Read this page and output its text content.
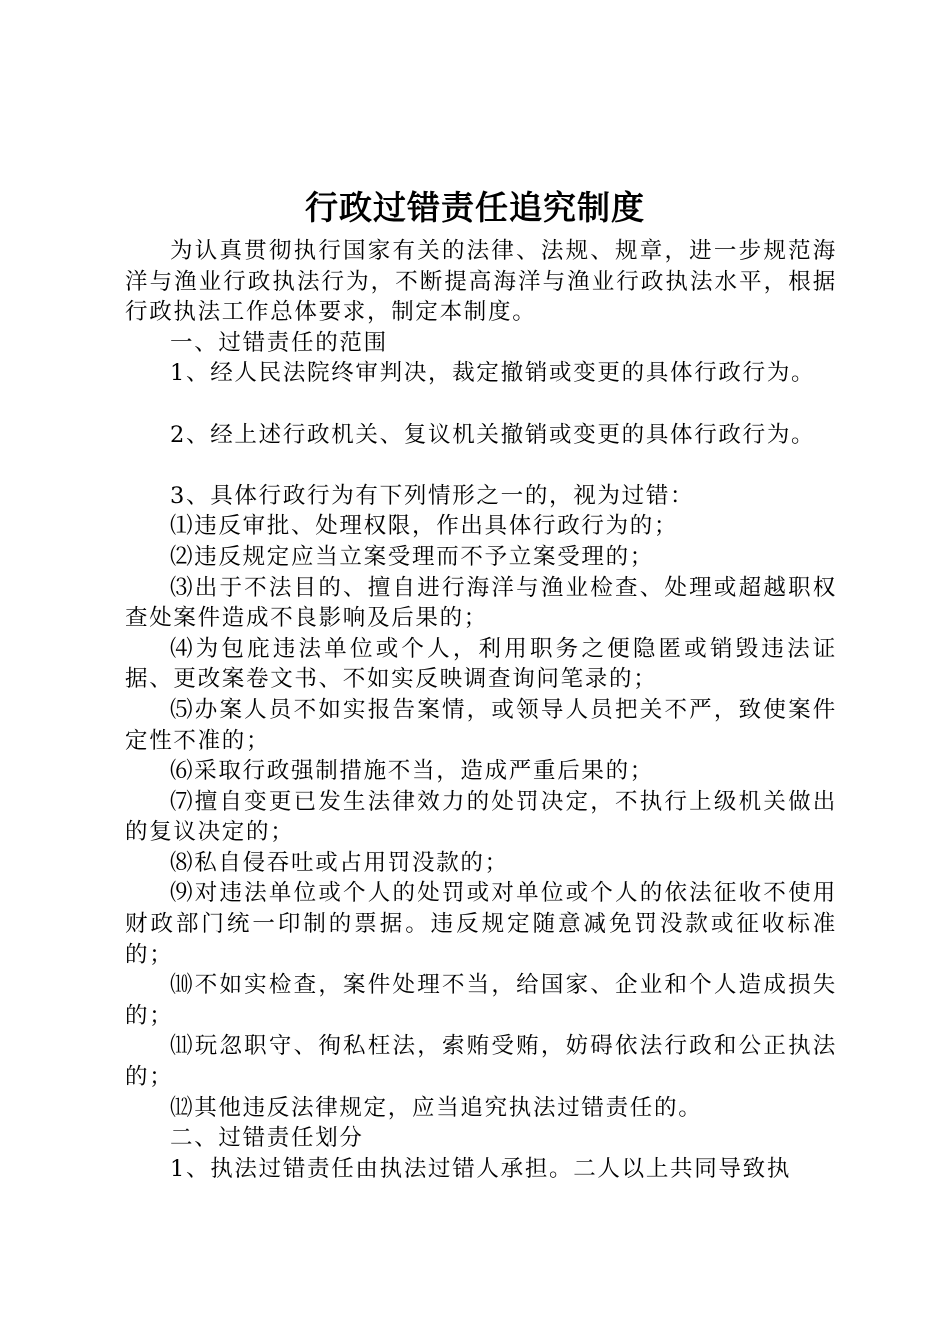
行政过错责任追究制度

为认真贯彻执行国家有关的法律、法规、规章，进一步规范海洋与渔业行政执法行为，不断提高海洋与渔业行政执法水平，根据行政执法工作总体要求，制定本制度。

一、过错责任的范围

1、经人民法院终审判决，裁定撤销或变更的具体行政行为。

2、经上述行政机关、复议机关撤销或变更的具体行政行为。

3、具体行政行为有下列情形之一的，视为过错：

⑴违反审批、处理权限，作出具体行政行为的；

⑵违反规定应当立案受理而不予立案受理的；

⑶出于不法目的、擅自进行海洋与渔业检查、处理或超越职权查处案件造成不良影响及后果的；

⑷为包庇违法单位或个人，利用职务之便隐匿或销毁违法证据、更改案卷文书、不如实反映调查询问笔录的；

⑸办案人员不如实报告案情，或领导人员把关不严，致使案件定性不准的；

⑹采取行政强制措施不当，造成严重后果的；

⑺擅自变更已发生法律效力的处罚决定，不执行上级机关做出的复议决定的；

⑻私自侵吞吐或占用罚没款的；

⑼对违法单位或个人的处罚或对单位或个人的依法征收不使用财政部门统一印制的票据。违反规定随意减免罚没款或征收标准的；

⑽不如实检查，案件处理不当，给国家、企业和个人造成损失的；

⑾玩忽职守、徇私枉法，索贿受贿，妨碍依法行政和公正执法的；

⑿其他违反法律规定，应当追究执法过错责任的。

二、过错责任划分

1、执法过错责任由执法过错人承担。二人以上共同导致执
